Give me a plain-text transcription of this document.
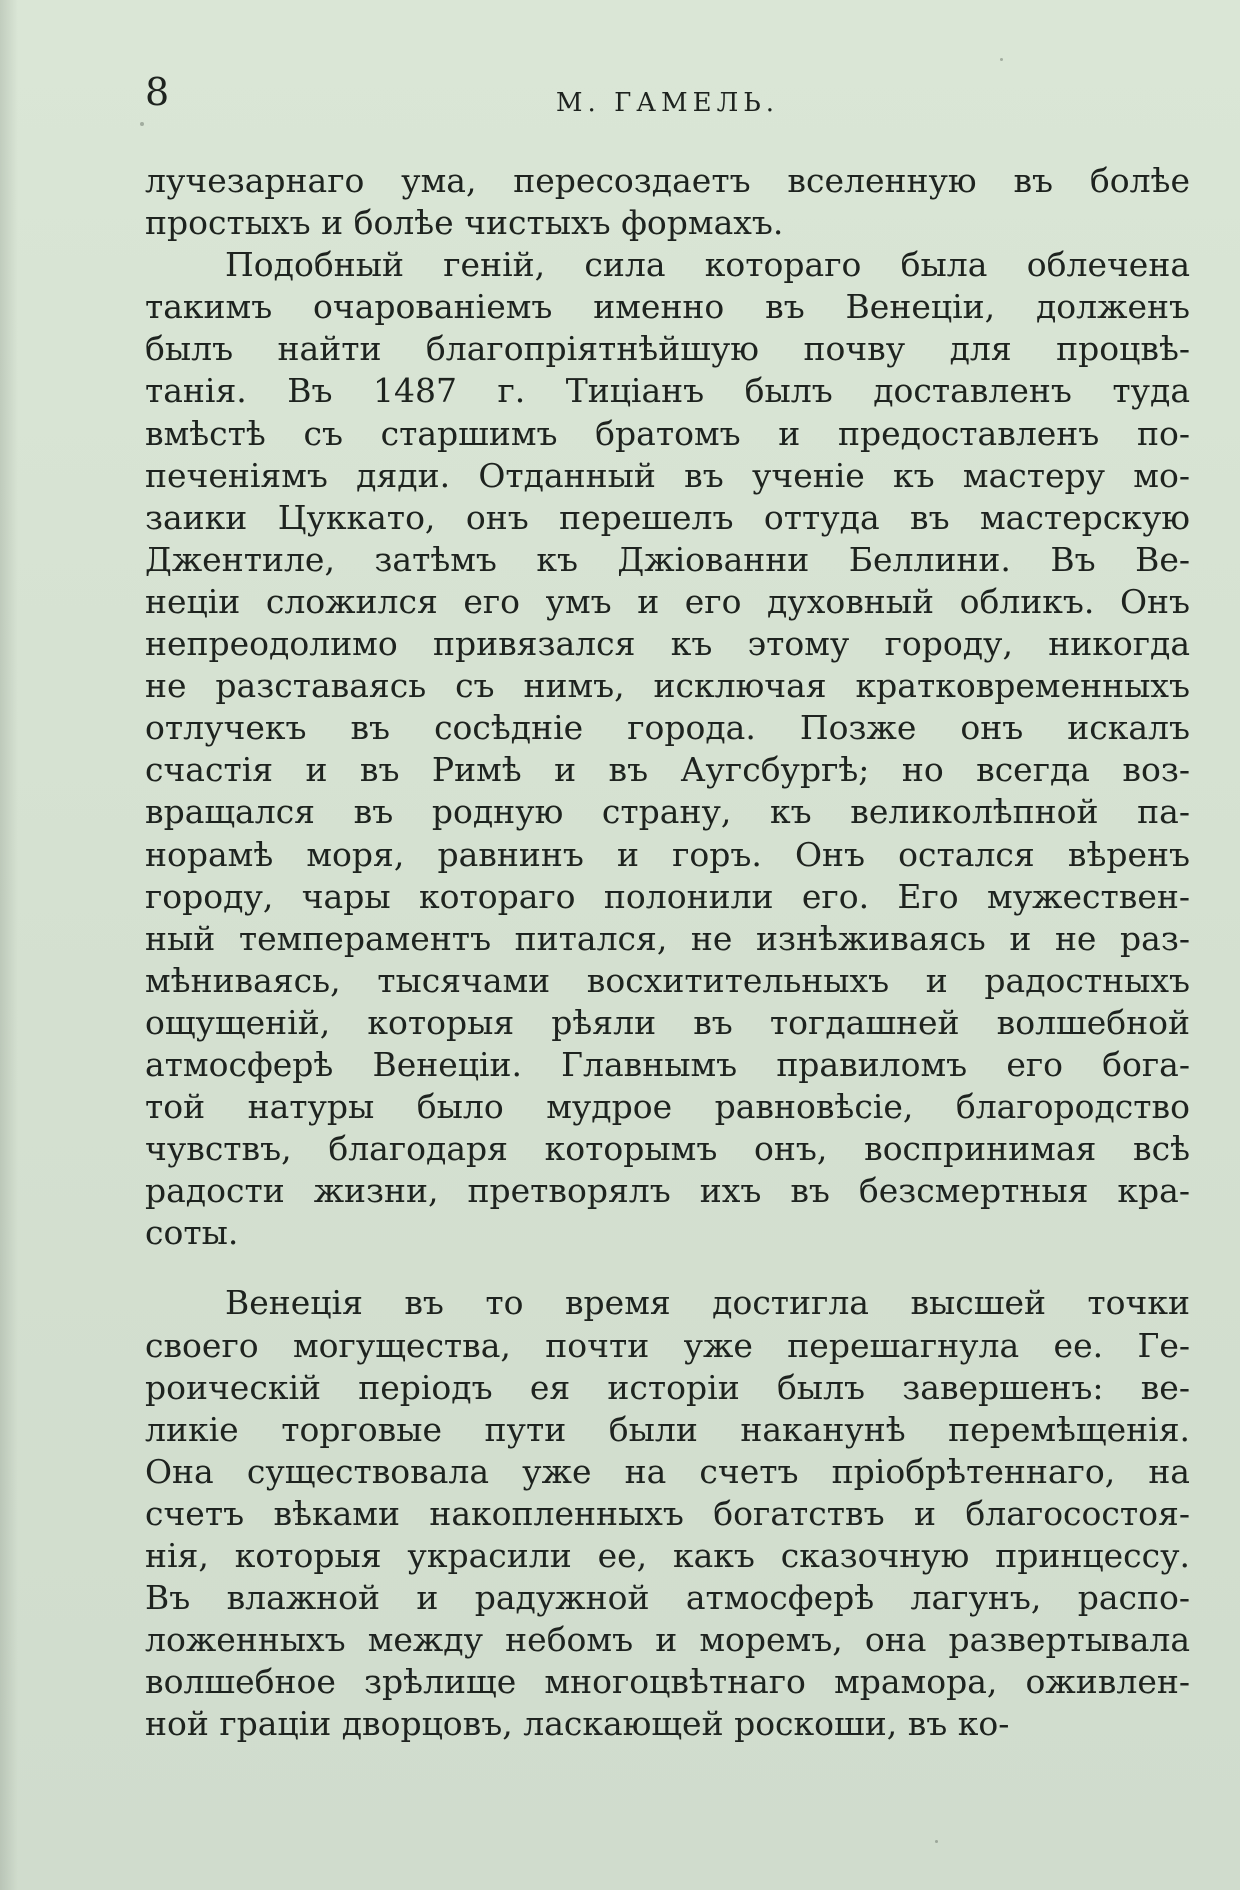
8	М. ГАМЕЛЬ.
лучезарнаго ума, пересоздаетъ вселенную въ болѣе
простыхъ и болѣе чистыхъ формахъ.
Подобный геній, сила котораго была облечена
такимъ очарованіемъ именно въ Венеціи, долженъ
былъ найти благопріятнѣйшую почву для процвѣ-
танія. Въ 1487 г. Тиціанъ былъ доставленъ туда
вмѣстѣ съ старшимъ братомъ и предоставленъ по-
печеніямъ дяди. Отданный въ ученіе къ мастеру мо-
заики Цуккато, онъ перешелъ оттуда въ мастерскую
Джентиле, затѣмъ къ Джіованни Беллини. Въ Ве-
неціи сложился его умъ и его духовный обликъ. Онъ
непреодолимо привязался къ этому городу, никогда
не разставаясь съ нимъ, исключая кратковременныхъ
отлучекъ въ сосѣдніе города. Позже онъ искалъ
счастія и въ Римѣ и въ Аугсбургѣ; но всегда воз-
вращался въ родную страну, къ великолѣпной па-
норамѣ моря, равнинъ и горъ. Онъ остался вѣренъ
городу, чары котораго полонили его. Его мужествен-
ный темпераментъ питался, не изнѣживаясь и не раз-
мѣниваясь, тысячами восхитительныхъ и радостныхъ
ощущеній, которыя рѣяли въ тогдашней волшебной
атмосферѣ Венеціи. Главнымъ правиломъ его бога-
той натуры было мудрое равновѣсіе, благородство
чувствъ, благодаря которымъ онъ, воспринимая всѣ
радости жизни, претворялъ ихъ въ безсмертныя кра-
соты.
Венеція въ то время достигла высшей точки
своего могущества, почти уже перешагнула ее. Ге-
роическій періодъ ея исторіи былъ завершенъ: ве-
ликіе торговые пути были наканунѣ перемѣщенія.
Она существовала уже на счетъ пріобрѣтеннаго, на
счетъ вѣками накопленныхъ богатствъ и благосостоя-
нія, которыя украсили ее, какъ сказочную принцессу.
Въ влажной и радужной атмосферѣ лагунъ, распо-
ложенныхъ между небомъ и моремъ, она развертывала
волшебное зрѣлище многоцвѣтнаго мрамора, оживлен-
ной граціи дворцовъ, ласкающей роскоши, въ ко-
